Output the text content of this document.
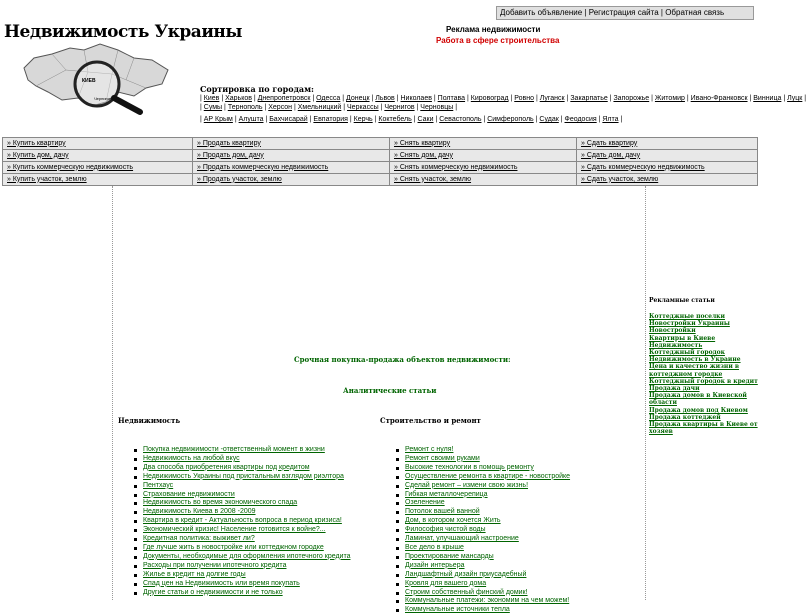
Добавить объявление | Регистрация сайта | Обратная связь
Недвижимость Украины
КИЕВ
Чернигов
Реклама недвижимости
Работа в сфере строительства
Сортировка по городам:
| Киев | Харьков | Днепропетровск | Одесса | Донецк | Львов | Николаев | Полтава | Кировоград | Ровно | Луганск | Закарпатье | Запорожье | Житомир | Ивано-Франковск | Винница | Луцк |
| Сумы | Тернополь | Херсон | Хмельницкий | Черкассы | Чернигов | Черновцы |
| АР Крым | Алушта | Бахчисарай | Евпатория | Керчь | Коктебель | Саки | Севастополь | Симферополь | Судак | Феодосия | Ялта |
» Купить квартиру	» Продать квартиру	» Снять квартиру	» Сдать квартиру
» Купить дом, дачу	» Продать дом, дачу	» Снять дом, дачу	» Сдать дом, дачу
» Купить коммерческую недвижимость	» Продать коммерческую недвижимость	» Снять коммерческую недвижимость	» Сдать коммерческую недвижимость
» Купить участок, землю	» Продать участок, землю	» Снять участок, землю	» Сдать участок, землю
Срочная покупка-продажа объектов недвижимости:
Аналитические статьи
Недвижимость
Покупка недвижимости -ответственный момент в жизни
Недвижимость на любой вкус
Два способа приобретения квартиры под кредитом
Недвижимость Украины под пристальным взглядом риэлтора
Пентхаус
Страхование недвижимости
Недвижимость во время экономического спада
Недвижимость Киева в 2008 -2009
Квартира в кредит - Актуальность вопроса в период кризиса!
Экономический кризис! Население готовится к войне?...
Кредитная политика: выживет ли?
Где лучше жить в новостройке или коттеджном городке
Документы, необходимые для оформления ипотечного кредита
Расходы при получении ипотечного кредита
Жилье в кредит на долгие годы
Спад цен на Недвижимость или время покупать
Другие статьи о недвижимости и не только
Строительство и ремонт
Ремонт с нуля!
Ремонт своими руками
Высокие технологии в помощь ремонту
Осуществление ремонта в квартире - новостройке
Сделай ремонт – измени свою жизнь!
Гибкая металлочерепица
Озеленение
Потолок вашей ванной
Дом, в котором хочется Жить
Философия чистой воды
Ламинат, улучшающий настроение
Все дело в крыше
Проектирование мансарды
Дизайн интерьера
Ландшафтный дизайн приусадебный
Кровля для вашего дома
Строим собственный финский домик!
Коммунальные платежи: экономим на чем можем!
Коммунальные источники тепла
Рекламные статьи
Коттеджные поселки
Новостройки Украины
Новостройки
Квартиры в Киеве
Недвижимость
Коттеджный городок
Недвижимость в Украине
Цена и качество жизни в коттеджном городке
Коттеджный городок в кредит
Продажа дачи
Продажа домов в Киевской области
Продажа домов под Киевом
Продажа коттеджей
Продажа квартиры в Киеве от хозяев
